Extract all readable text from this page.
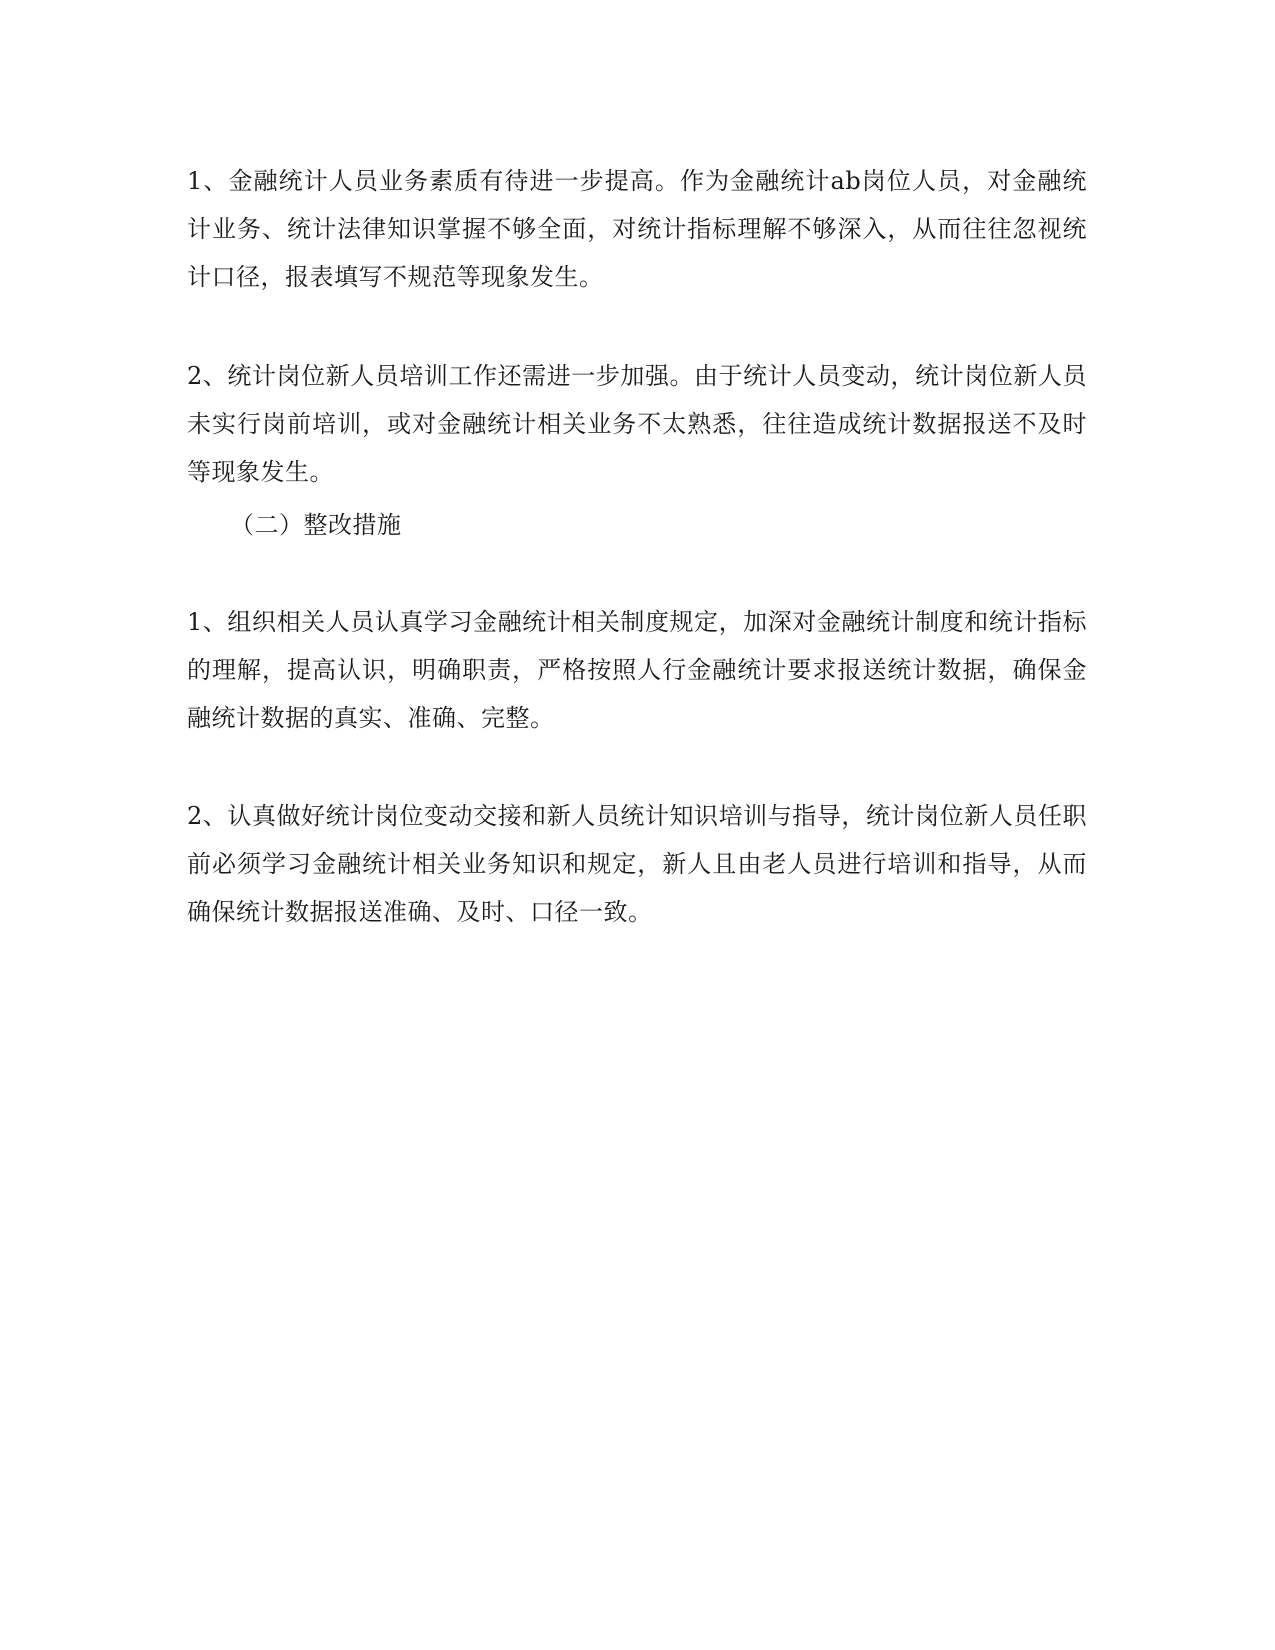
1、金融统计人员业务素质有待进一步提高。作为金融统计ab岗位人员，对金融统计业务、统计法律知识掌握不够全面，对统计指标理解不够深入，从而往往忽视统计口径，报表填写不规范等现象发生。

2、统计岗位新人员培训工作还需进一步加强。由于统计人员变动，统计岗位新人员未实行岗前培训，或对金融统计相关业务不太熟悉，往往造成统计数据报送不及时等现象发生。

（二）整改措施

1、组织相关人员认真学习金融统计相关制度规定，加深对金融统计制度和统计指标的理解，提高认识，明确职责，严格按照人行金融统计要求报送统计数据，确保金融统计数据的真实、准确、完整。

2、认真做好统计岗位变动交接和新人员统计知识培训与指导，统计岗位新人员任职前必须学习金融统计相关业务知识和规定，新人且由老人员进行培训和指导，从而确保统计数据报送准确、及时、口径一致。
